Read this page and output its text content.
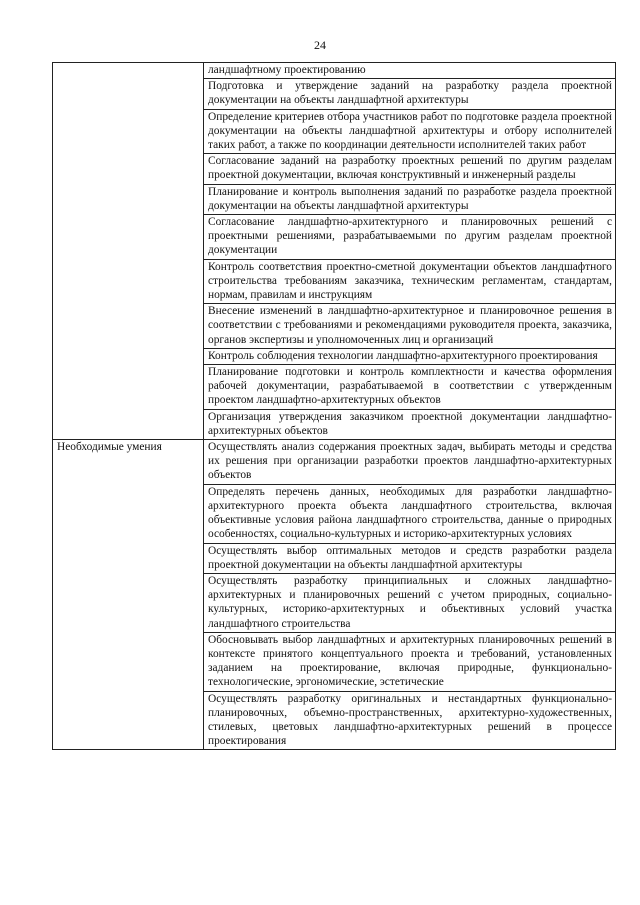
24
	ландшафтному проектированию
	Подготовка и утверждение заданий на разработку раздела проектной документации на объекты ландшафтной архитектуры
	Определение критериев отбора участников работ по подготовке раздела проектной документации на объекты ландшафтной архитектуры и отбору исполнителей таких работ, а также по координации деятельности исполнителей таких работ
	Согласование заданий на разработку проектных решений по другим разделам проектной документации, включая конструктивный и инженерный разделы
	Планирование и контроль выполнения заданий по разработке раздела проектной документации на объекты ландшафтной архитектуры
	Согласование ландшафтно-архитектурного и планировочных решений с проектными решениями, разрабатываемыми по другим разделам проектной документации
	Контроль соответствия проектно-сметной документации объектов ландшафтного строительства требованиям заказчика, техническим регламентам, стандартам, нормам, правилам и инструкциям
	Внесение изменений в ландшафтно-архитектурное и планировочное решения в соответствии с требованиями и рекомендациями руководителя проекта, заказчика, органов экспертизы и уполномоченных лиц и организаций
	Контроль соблюдения технологии ландшафтно-архитектурного проектирования
	Планирование подготовки и контроль комплектности и качества оформления рабочей документации, разрабатываемой в соответствии с утвержденным проектом ландшафтно-архитектурных объектов
	Организация утверждения заказчиком проектной документации ландшафтно-архитектурных объектов
Необходимые умения	Осуществлять анализ содержания проектных задач, выбирать методы и средства их решения при организации разработки проектов ландшафтно-архитектурных объектов
	Определять перечень данных, необходимых для разработки ландшафтно-архитектурного проекта объекта ландшафтного строительства, включая объективные условия района ландшафтного строительства, данные о природных особенностях, социально-культурных и историко-архитектурных условиях
	Осуществлять выбор оптимальных методов и средств разработки раздела проектной документации на объекты ландшафтной архитектуры
	Осуществлять разработку принципиальных и сложных ландшафтно-архитектурных и планировочных решений с учетом природных, социально-культурных, историко-архитектурных и объективных условий участка ландшафтного строительства
	Обосновывать выбор ландшафтных и архитектурных планировочных решений в контексте принятого концептуального проекта и требований, установленных заданием на проектирование, включая природные, функционально-технологические, эргономические, эстетические
	Осуществлять разработку оригинальных и нестандартных функционально-планировочных, объемно-пространственных, архитектурно-художественных, стилевых, цветовых ландшафтно-архитектурных решений в процессе проектирования
